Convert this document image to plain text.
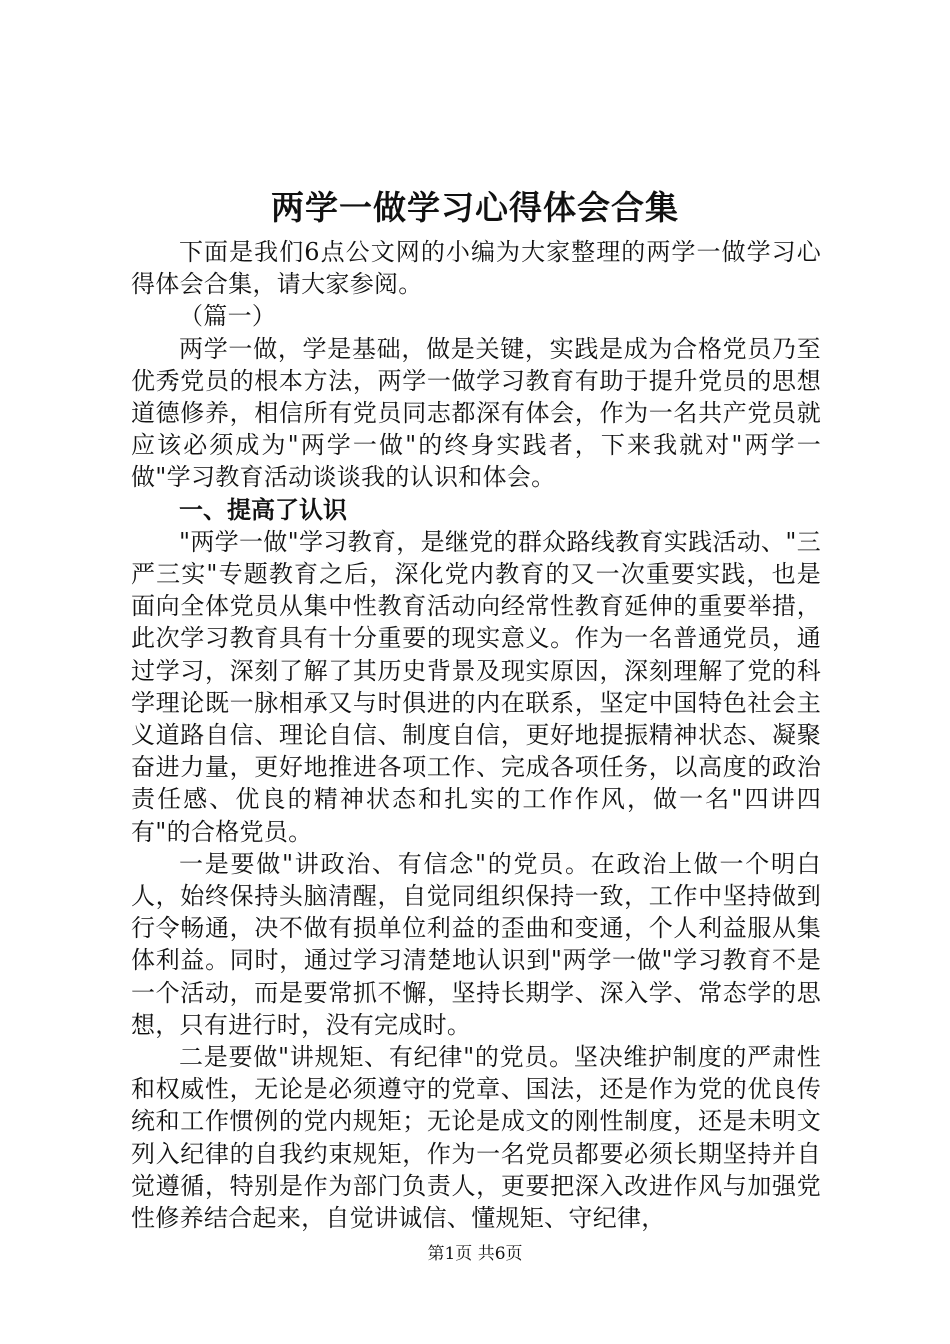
两学一做学习心得体会合集

下面是我们6点公文网的小编为大家整理的两学一做学习心得体会合集，请大家参阅。

（篇一）

两学一做，学是基础，做是关键，实践是成为合格党员乃至优秀党员的根本方法，两学一做学习教育有助于提升党员的思想道德修养，相信所有党员同志都深有体会，作为一名共产党员就应该必须成为"两学一做"的终身实践者，下来我就对"两学一做"学习教育活动谈谈我的认识和体会。

一、提高了认识

"两学一做"学习教育，是继党的群众路线教育实践活动、"三严三实"专题教育之后，深化党内教育的又一次重要实践，也是面向全体党员从集中性教育活动向经常性教育延伸的重要举措，此次学习教育具有十分重要的现实意义。作为一名普通党员，通过学习，深刻了解了其历史背景及现实原因，深刻理解了党的科学理论既一脉相承又与时俱进的内在联系，坚定中国特色社会主义道路自信、理论自信、制度自信，更好地提振精神状态、凝聚奋进力量，更好地推进各项工作、完成各项任务，以高度的政治责任感、优良的精神状态和扎实的工作作风，做一名"四讲四有"的合格党员。

一是要做"讲政治、有信念"的党员。在政治上做一个明白人，始终保持头脑清醒，自觉同组织保持一致，工作中坚持做到行令畅通，决不做有损单位利益的歪曲和变通，个人利益服从集体利益。同时，通过学习清楚地认识到"两学一做"学习教育不是一个活动，而是要常抓不懈，坚持长期学、深入学、常态学的思想，只有进行时，没有完成时。

二是要做"讲规矩、有纪律"的党员。坚决维护制度的严肃性和权威性，无论是必须遵守的党章、国法，还是作为党的优良传统和工作惯例的党内规矩；无论是成文的刚性制度，还是未明文列入纪律的自我约束规矩，作为一名党员都要必须长期坚持并自觉遵循，特别是作为部门负责人，更要把深入改进作风与加强党性修养结合起来，自觉讲诚信、懂规矩、守纪律，

第1页 共6页
